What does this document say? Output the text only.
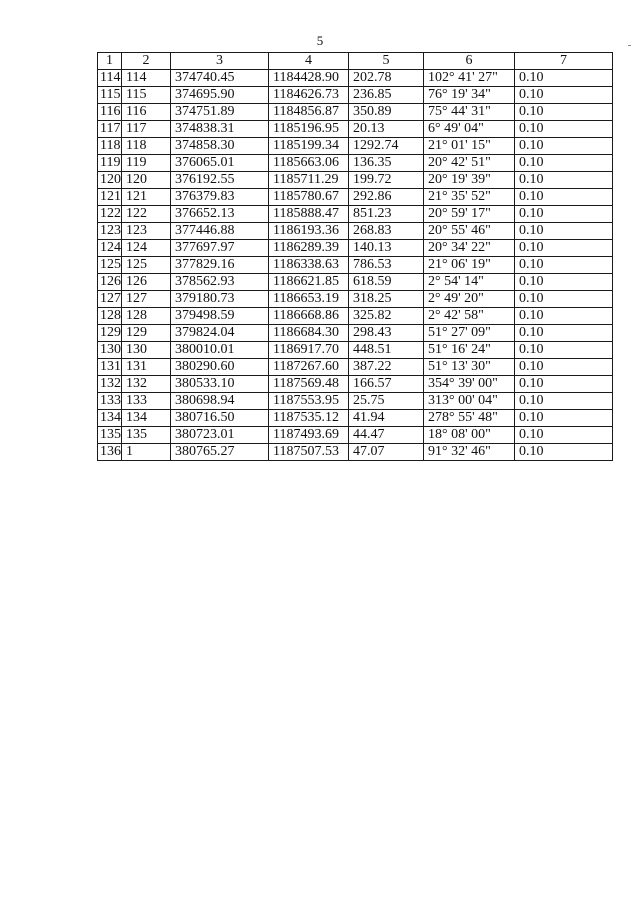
5
1	2	3	4	5	6	7
114	114	374740.45	1184428.90	202.78	102° 41' 27"	0.10
115	115	374695.90	1184626.73	236.85	76° 19' 34"	0.10
116	116	374751.89	1184856.87	350.89	75° 44' 31"	0.10
117	117	374838.31	1185196.95	20.13	6° 49' 04"	0.10
118	118	374858.30	1185199.34	1292.74	21° 01' 15"	0.10
119	119	376065.01	1185663.06	136.35	20° 42' 51"	0.10
120	120	376192.55	1185711.29	199.72	20° 19' 39"	0.10
121	121	376379.83	1185780.67	292.86	21° 35' 52"	0.10
122	122	376652.13	1185888.47	851.23	20° 59' 17"	0.10
123	123	377446.88	1186193.36	268.83	20° 55' 46"	0.10
124	124	377697.97	1186289.39	140.13	20° 34' 22"	0.10
125	125	377829.16	1186338.63	786.53	21° 06' 19"	0.10
126	126	378562.93	1186621.85	618.59	2° 54' 14"	0.10
127	127	379180.73	1186653.19	318.25	2° 49' 20"	0.10
128	128	379498.59	1186668.86	325.82	2° 42' 58"	0.10
129	129	379824.04	1186684.30	298.43	51° 27' 09"	0.10
130	130	380010.01	1186917.70	448.51	51° 16' 24"	0.10
131	131	380290.60	1187267.60	387.22	51° 13' 30"	0.10
132	132	380533.10	1187569.48	166.57	354° 39' 00"	0.10
133	133	380698.94	1187553.95	25.75	313° 00' 04"	0.10
134	134	380716.50	1187535.12	41.94	278° 55' 48"	0.10
135	135	380723.01	1187493.69	44.47	18° 08' 00"	0.10
136	1	380765.27	1187507.53	47.07	91° 32' 46"	0.10
